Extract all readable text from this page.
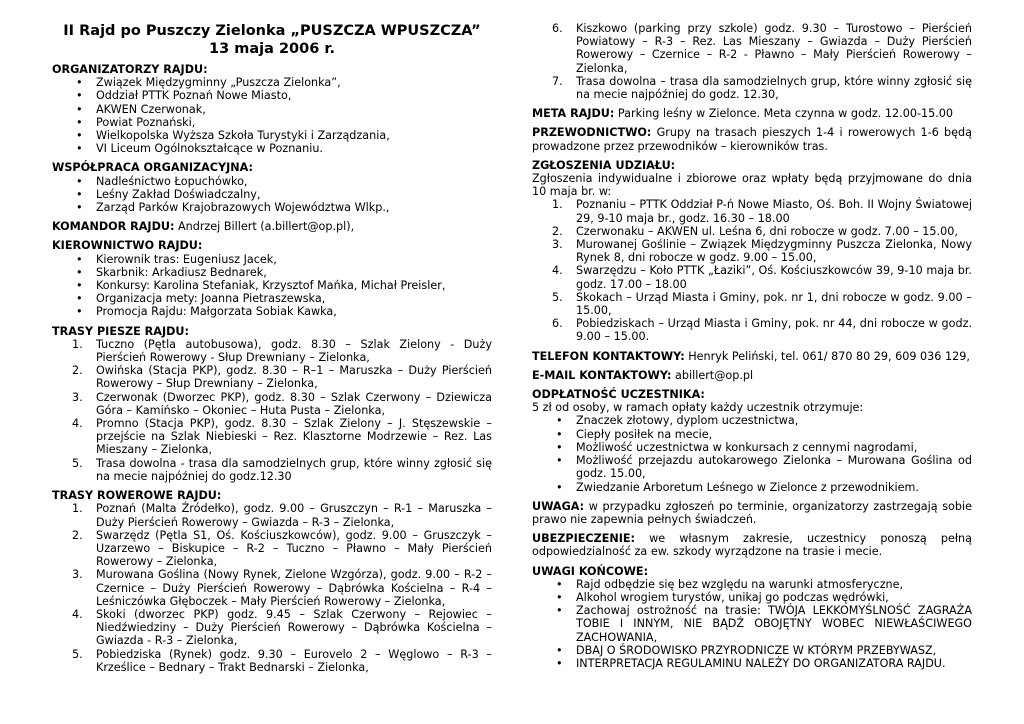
II Rajd po Puszczy Zielonka „PUSZCZA WPUSZCZA”
13 maja 2006 r.
ORGANIZATORZY RAJDU:
• Związek Międzygminny „Puszcza Zielonka”,
• Oddział PTTK Poznań Nowe Miasto,
• AKWEN Czerwonak,
• Powiat Poznański,
• Wielkopolska Wyższa Szkoła Turystyki i Zarządzania,
• VI Liceum Ogólnokształcące w Poznaniu.
WSPÓŁPRACA ORGANIZACYJNA:
• Nadleśnictwo Łopuchówko,
• Leśny Zakład Doświadczalny,
• Zarząd Parków Krajobrazowych Województwa Wlkp.,

KOMANDOR RAJDU: Andrzej Billert (a.billert@op.pl),

KIEROWNICTWO RAJDU:
• Kierownik tras: Eugeniusz Jacek,
• Skarbnik: Arkadiusz Bednarek,
• Konkursy: Karolina Stefaniak, Krzysztof Mańka, Michał Preisler,
• Organizacja mety: Joanna Pietraszewska,
• Promocja Rajdu: Małgorzata Sobiak Kawka,
TRASY PIESZE RAJDU:
1.	Tuczno (Pętla autobusowa), godz. 8.30 – Szlak Zielony - Duży Pierścień Rowerowy - Słup Drewniany – Zielonka,
2.	Owińska (Stacja PKP), godz. 8.30 – R–1 – Maruszka – Duży Pierścień Rowerowy – Słup Drewniany – Zielonka,
3.	Czerwonak (Dworzec PKP), godz. 8.30 – Szlak Czerwony – Dziewicza Góra – Kamińsko – Okoniec – Huta Pusta – Zielonka,
4.	Promno (Stacja PKP), godz. 8.30 – Szlak Zielony – J. Stęszewskie – przejście na Szlak Niebieski – Rez. Klasztorne Modrzewie – Rez. Las Mieszany – Zielonka,
5.	Trasa dowolna - trasa dla samodzielnych grup, które winny zgłosić się na mecie najpóźniej do godz.12.30
TRASY ROWEROWE RAJDU:
1.	Poznań (Malta Źródełko), godz. 9.00 – Gruszczyn – R-1 – Maruszka – Duży Pierścień Rowerowy – Gwiazda – R-3 – Zielonka,
2.	Swarzędz (Pętla S1, Oś. Kościuszkowców), godz. 9.00 – Gruszczyk – Uzarzewo – Biskupice – R-2 – Tuczno – Pławno – Mały Pierścień Rowerowy – Zielonka,
3.	Murowana Goślina (Nowy Rynek, Zielone Wzgórza), godz. 9.00 – R-2 – Czernice – Duży Pierścień Rowerowy – Dąbrówka Kościelna – R-4 – Leśniczówka Głęboczek – Mały Pierścień Rowerowy – Zielonka,
4.	Skoki (dworzec PKP) godz. 9.45 – Szlak Czerwony – Rejowiec – Niedźwiedziny – Duży Pierścień Rowerowy – Dąbrówka Kościelna – Gwiazda - R-3 – Zielonka,
5.	Pobiedziska (Rynek) godz. 9.30 – Eurovelo 2 – Węglowo – R-3 – Krześlice – Bednary – Trakt Bednarski – Zielonka,
6.	Kiszkowo (parking przy szkole) godz. 9.30 – Turostowo – Pierścień Powiatowy – R-3 – Rez. Las Mieszany – Gwiazda – Duży Pierścień Rowerowy – Czernice – R-2 - Pławno – Mały Pierścień Rowerowy – Zielonka,
7.	Trasa dowolna – trasa dla samodzielnych grup, które winny zgłosić się na mecie najpóźniej do godz. 12.30,

META RAJDU: Parking leśny w Zielonce. Meta czynna w godz. 12.00-15.00

PRZEWODNICTWO: Grupy na trasach pieszych 1-4 i rowerowych 1-6 będą prowadzone przez przewodników – kierowników tras.

ZGŁOSZENIA UDZIAŁU:

Zgłoszenia indywidualne i zbiorowe oraz wpłaty będą przyjmowane do dnia 10 maja br. w:

1.	Poznaniu – PTTK Oddział P-ń Nowe Miasto, Oś. Boh. II Wojny Światowej 29, 9-10 maja br., godz. 16.30 – 18.00
2.	Czerwonaku – AKWEN ul. Leśna 6, dni robocze w godz. 7.00 – 15.00,
3.	Murowanej Goślinie – Związek Międzygminny Puszcza Zielonka, Nowy Rynek 8, dni robocze w godz. 9.00 – 15.00,
4.	Swarzędzu – Koło PTTK „Łaziki”, Oś. Kościuszkowców 39, 9-10 maja br. godz. 17.00 – 18.00
5.	Skokach – Urząd Miasta i Gminy, pok. nr 1, dni robocze w godz. 9.00 – 15.00,
6.	Pobiedziskach – Urząd Miasta i Gminy, pok. nr 44, dni robocze w godz. 9.00 – 15.00.

TELEFON KONTAKTOWY: Henryk Peliński, tel. 061/ 870 80 29, 609 036 129,

E-MAIL KONTAKTOWY: abillert@op.pl

ODPŁATNOŚĆ UCZESTNIKA:

5 zł od osoby, w ramach opłaty każdy uczestnik otrzymuje:

• Znaczek złotowy, dyplom uczestnictwa,
• Ciepły posiłek na mecie,
• Możliwość uczestnictwa w konkursach z cennymi nagrodami,
• Możliwość przejazdu autokarowego Zielonka – Murowana Goślina od godz. 15.00,
• Zwiedzanie Arboretum Leśnego w Zielonce z przewodnikiem.

UWAGA: w przypadku zgłoszeń po terminie, organizatorzy zastrzegają sobie prawo nie zapewnia pełnych świadczeń.

UBEZPIECZENIE: we własnym zakresie, uczestnicy ponoszą pełną odpowiedzialność za ew. szkody wyrządzone na trasie i mecie.

UWAGI KOŃCOWE:
• Rajd odbędzie się bez względu na warunki atmosferyczne,
• Alkohol wrogiem turystów, unikaj go podczas wędrówki,
• Zachowaj ostrożność na trasie: TWÓJA LEKKOMYŚLNOŚĆ ZAGRAŻA TOBIE I INNYM, NIE BĄDŹ OBOJĘTNY WOBEC NIEWŁAŚCIWEGO ZACHOWANIA,
• DBAJ O ŚRODOWISKO PRZYRODNICZE W KTÓRYM PRZEBYWASZ,
• INTERPRETACJA REGULAMINU NALEŻY DO ORGANIZATORA RAJDU.
